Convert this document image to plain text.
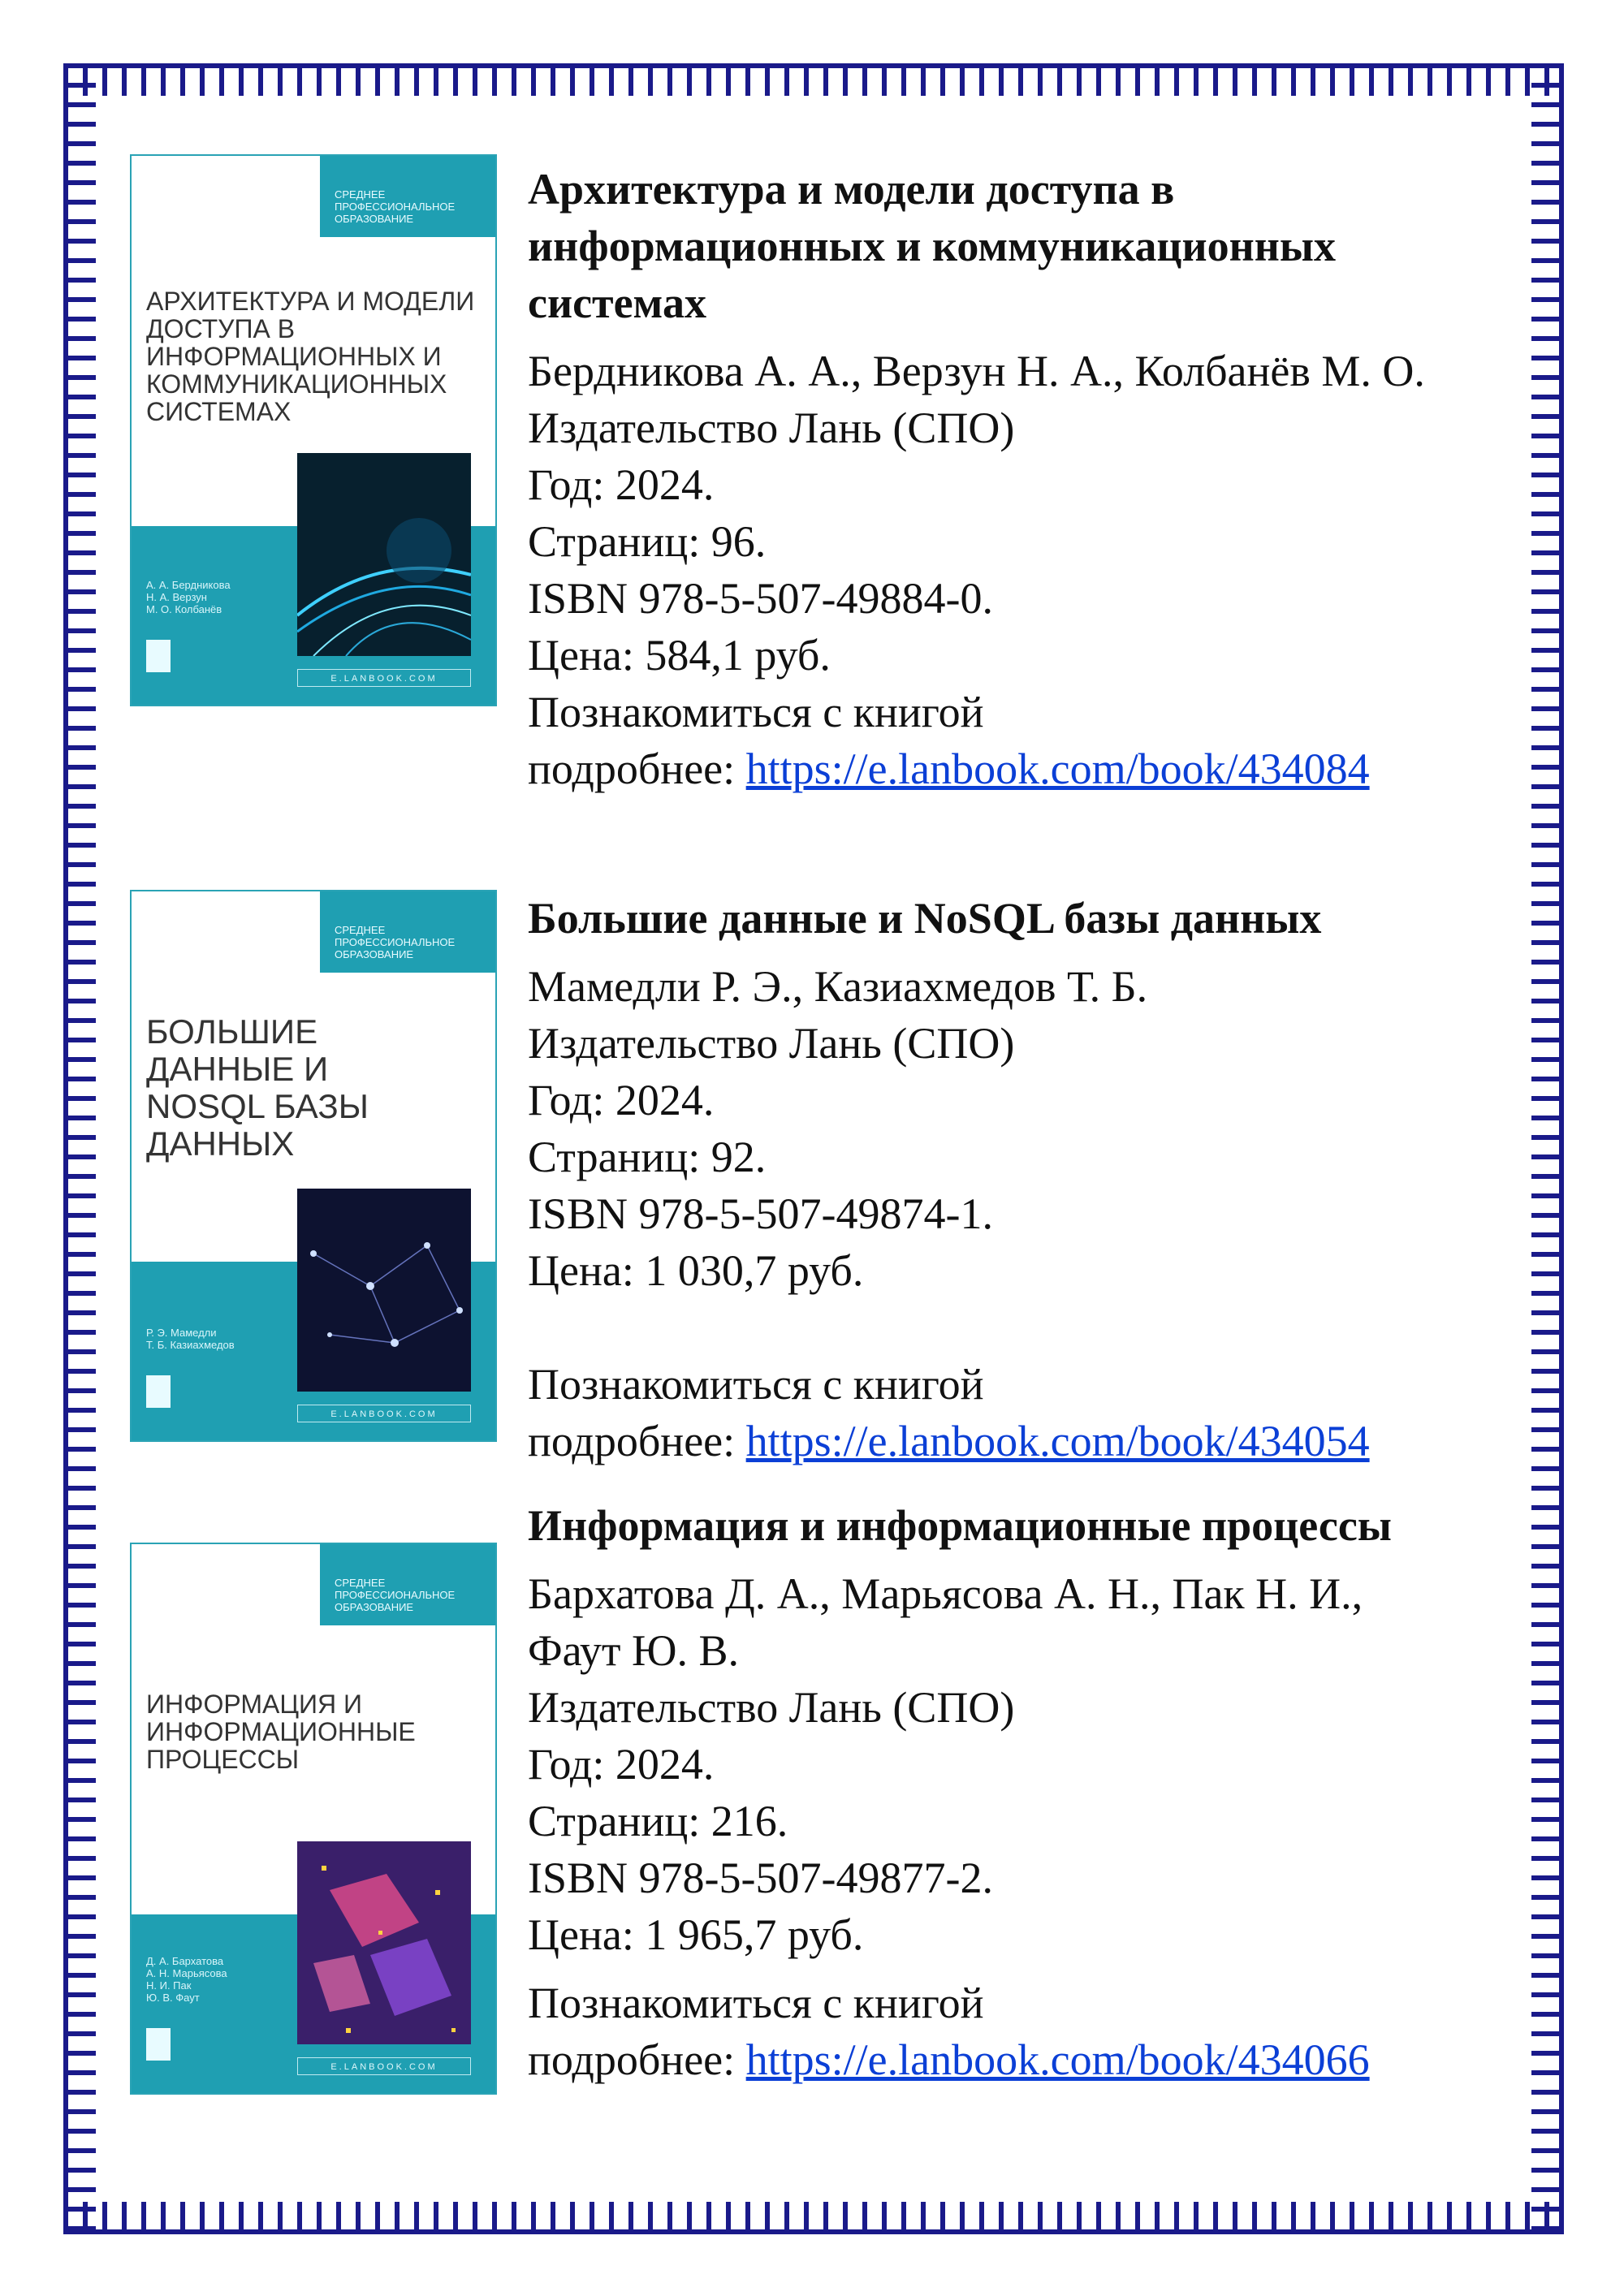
СРЕДНЕЕ ПРОФЕССИОНАЛЬНОЕ ОБРАЗОВАНИЕ
АРХИТЕКТУРА И МОДЕЛИ ДОСТУПА В ИНФОРМАЦИОННЫХ И КОММУНИКАЦИОННЫХ СИСТЕМАХ
А. А. Бердникова
Н. А. Верзун
М. О. Колбанёв
E.LANBOOK.COM

Архитектура и модели доступа в информационных и коммуникационных системах

Бердникова А. А., Верзун Н. А., Колбанёв М. О.

Издательство Лань (СПО)

Год: 2024.

Страниц: 96.

ISBN 978-5-507-49884-0.

Цена: 584,1 руб.

Познакомиться с книгой

подробнее: https://e.lanbook.com/book/434084

СРЕДНЕЕ ПРОФЕССИОНАЛЬНОЕ ОБРАЗОВАНИЕ
БОЛЬШИЕ ДАННЫЕ И NOSQL БАЗЫ ДАННЫХ
Р. Э. Мамедли
Т. Б. Казиахмедов
E.LANBOOK.COM

Большие данные и NoSQL базы данных

Мамедли Р. Э., Казиахмедов Т. Б.

Издательство Лань (СПО)

Год: 2024.

Страниц: 92.

ISBN 978-5-507-49874-1.

Цена: 1 030,7 руб.

Познакомиться с книгой

подробнее: https://e.lanbook.com/book/434054

СРЕДНЕЕ ПРОФЕССИОНАЛЬНОЕ ОБРАЗОВАНИЕ
ИНФОРМАЦИЯ И ИНФОРМАЦИОННЫЕ ПРОЦЕССЫ
Д. А. Бархатова
А. Н. Марьясова
Н. И. Пак
Ю. В. Фаут
E.LANBOOK.COM

Информация и информационные процессы

Бархатова Д. А., Марьясова А. Н., Пак Н. И.,

Фаут Ю. В.

Издательство Лань (СПО)

Год: 2024.

Страниц: 216.

ISBN 978-5-507-49877-2.

Цена: 1 965,7 руб.

Познакомиться с книгой

подробнее: https://e.lanbook.com/book/434066
